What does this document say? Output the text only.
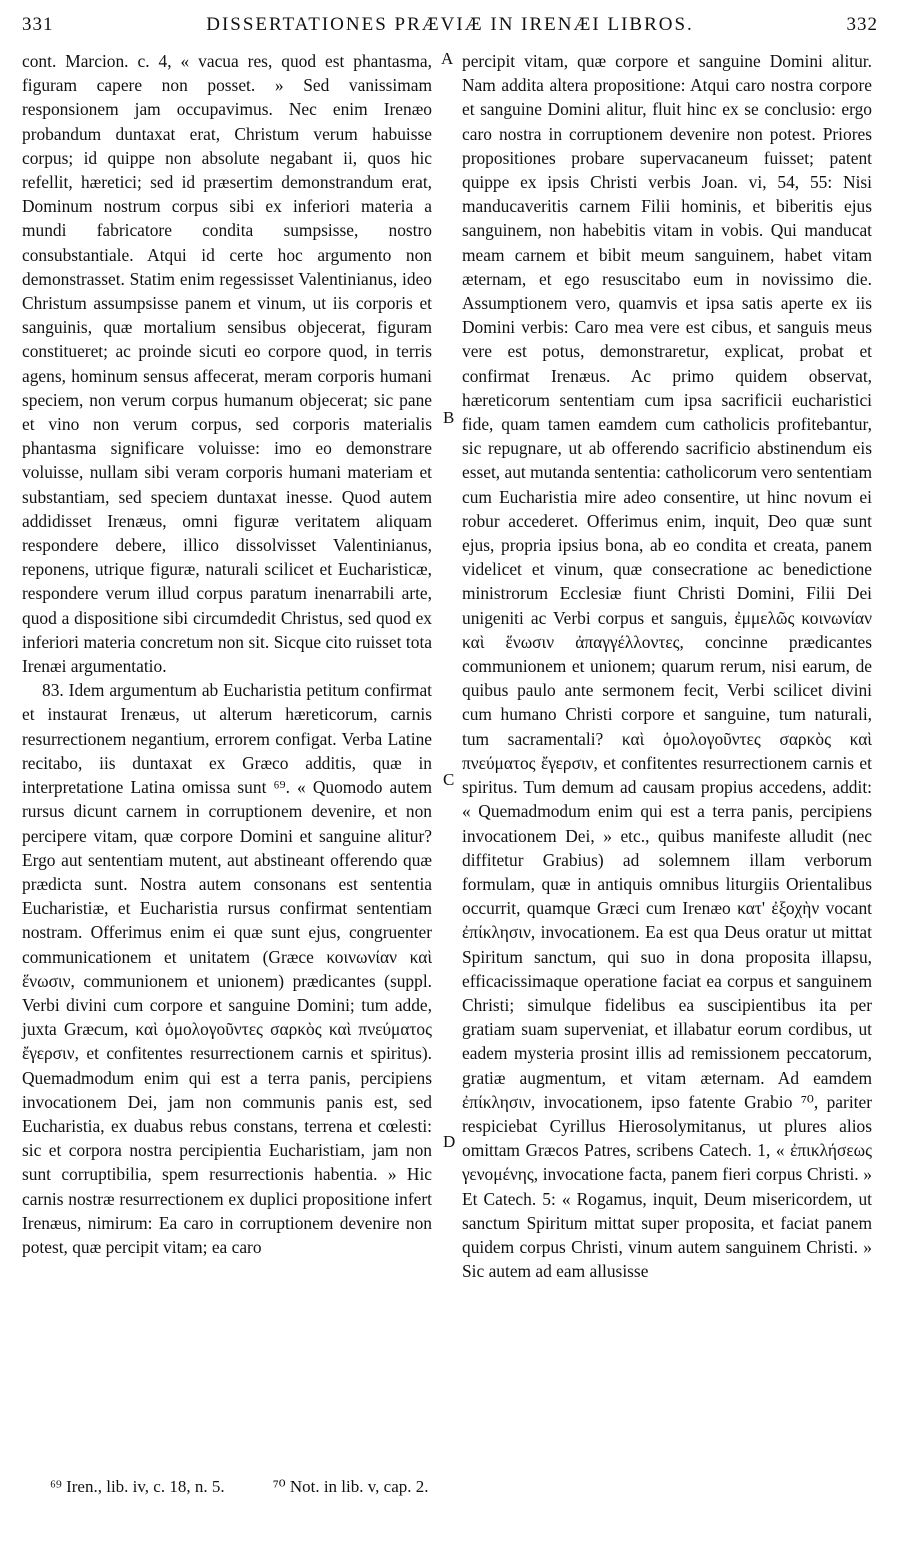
331	DISSERTATIONES PRÆVIÆ IN IRENÆI LIBROS.	332

cont. Marcion. c. 4, « vacua res, quod est phantasma, figuram capere non posset. » Sed vanissimam responsionem jam occupavimus. Nec enim Irenæo probandum duntaxat erat, Christum verum habuisse corpus; id quippe non absolute negabant ii, quos hic refellit, hæretici; sed id præsertim demonstrandum erat, Dominum nostrum corpus sibi ex inferiori materia a mundi fabricatore condita sumpsisse, nostro consubstantiale. Atqui id certe hoc argumento non demonstrasset. Statim enim regessisset Valentinianus, ideo Christum assumpsisse panem et vinum, ut iis corporis et sanguinis, quæ mortalium sensibus objecerat, figuram constitueret; ac proinde sicuti eo corpore quod, in terris agens, hominum sensus affecerat, meram corporis humani speciem, non verum corpus humanum objecerat; sic pane et vino non verum corpus, sed corporis materialis phantasma significare voluisse: imo eo demonstrare voluisse, nullam sibi veram corporis humani materiam et substantiam, sed speciem duntaxat inesse. Quod autem addidisset Irenæus, omni figuræ veritatem aliquam respondere debere, illico dissolvisset Valentinianus, reponens, utrique figuræ, naturali scilicet et Eucharisticæ, respondere verum illud corpus paratum inenarrabili arte, quod a dispositione sibi circumdedit Christus, sed quod ex inferiori materia concretum non sit. Sicque cito ruisset tota Irenæi argumentatio.

83. Idem argumentum ab Eucharistia petitum confirmat et instaurat Irenæus, ut alterum hæreticorum, carnis resurrectionem negantium, errorem configat. Verba Latine recitabo, iis duntaxat ex Græco additis, quæ in interpretatione Latina omissa sunt ⁶⁹. « Quomodo autem rursus dicunt carnem in corruptionem devenire, et non percipere vitam, quæ corpore Domini et sanguine alitur? Ergo aut sententiam mutent, aut abstineant offerendo quæ prædicta sunt. Nostra autem consonans est sententia Eucharistiæ, et Eucharistia rursus confirmat sententiam nostram. Offerimus enim ei quæ sunt ejus, congruenter communicationem et unitatem (Græce κοινωνίαν καὶ ἕνωσιν, communionem et unionem) prædicantes (suppl. Verbi divini cum corpore et sanguine Domini; tum adde, juxta Græcum, καὶ ὁμολογοῦντες σαρκὸς καὶ πνεύματος ἔγερσιν, et confitentes resurrectionem carnis et spiritus). Quemadmodum enim qui est a terra panis, percipiens invocationem Dei, jam non communis panis est, sed Eucharistia, ex duabus rebus constans, terrena et cœlesti: sic et corpora nostra percipientia Eucharistiam, jam non sunt corruptibilia, spem resurrectionis habentia. » Hic carnis nostræ resurrectionem ex duplici propositione infert Irenæus, nimirum: Ea caro in corruptionem devenire non potest, quæ percipit vitam; ea caro

percipit vitam, quæ corpore et sanguine Domini alitur. Nam addita altera propositione: Atqui caro nostra corpore et sanguine Domini alitur, fluit hinc ex se conclusio: ergo caro nostra in corruptionem devenire non potest. Priores propositiones probare supervacaneum fuisset; patent quippe ex ipsis Christi verbis Joan. vi, 54, 55: Nisi manducaveritis carnem Filii hominis, et biberitis ejus sanguinem, non habebitis vitam in vobis. Qui manducat meam carnem et bibit meum sanguinem, habet vitam æternam, et ego resuscitabo eum in novissimo die. Assumptionem vero, quamvis et ipsa satis aperte ex iis Domini verbis: Caro mea vere est cibus, et sanguis meus vere est potus, demonstraretur, explicat, probat et confirmat Irenæus. Ac primo quidem observat, hæreticorum sententiam cum ipsa sacrificii eucharistici fide, quam tamen eamdem cum catholicis profitebantur, sic repugnare, ut ab offerendo sacrificio abstinendum eis esset, aut mutanda sententia: catholicorum vero sententiam cum Eucharistia mire adeo consentire, ut hinc novum ei robur accederet. Offerimus enim, inquit, Deo quæ sunt ejus, propria ipsius bona, ab eo condita et creata, panem videlicet et vinum, quæ consecratione ac benedictione ministrorum Ecclesiæ fiunt Christi Domini, Filii Dei unigeniti ac Verbi corpus et sanguis, ἐμμελῶς κοινωνίαν καὶ ἕνωσιν ἀπαγγέλλοντες, concinne prædicantes communionem et unionem; quarum rerum, nisi earum, de quibus paulo ante sermonem fecit, Verbi scilicet divini cum humano Christi corpore et sanguine, tum naturali, tum sacramentali? καὶ ὁμολογοῦντες σαρκὸς καὶ πνεύματος ἔγερσιν, et confitentes resurrectionem carnis et spiritus. Tum demum ad causam propius accedens, addit: « Quemadmodum enim qui est a terra panis, percipiens invocationem Dei, » etc., quibus manifeste alludit (nec diffitetur Grabius) ad solemnem illam verborum formulam, quæ in antiquis omnibus liturgiis Orientalibus occurrit, quamque Græci cum Irenæo κατ' ἐξοχὴν vocant ἐπίκλησιν, invocationem. Ea est qua Deus oratur ut mittat Spiritum sanctum, qui suo in dona proposita illapsu, efficacissimaque operatione faciat ea corpus et sanguinem Christi; simulque fidelibus ea suscipientibus ita per gratiam suam superveniat, et illabatur eorum cordibus, ut eadem mysteria prosint illis ad remissionem peccatorum, gratiæ augmentum, et vitam æternam. Ad eamdem ἐπίκλησιν, invocationem, ipso fatente Grabio ⁷⁰, pariter respiciebat Cyrillus Hierosolymitanus, ut plures alios omittam Græcos Patres, scribens Catech. 1, « ἐπικλήσεως γενομένης, invocatione facta, panem fieri corpus Christi. » Et Catech. 5: « Rogamus, inquit, Deum misericordem, ut sanctum Spiritum mittat super proposita, et faciat panem quidem corpus Christi, vinum autem sanguinem Christi. » Sic autem ad eam allusisse

A
B
C
D
⁶⁹ Iren., lib. iv, c. 18, n. 5.	⁷⁰ Not. in lib. v, cap. 2.
